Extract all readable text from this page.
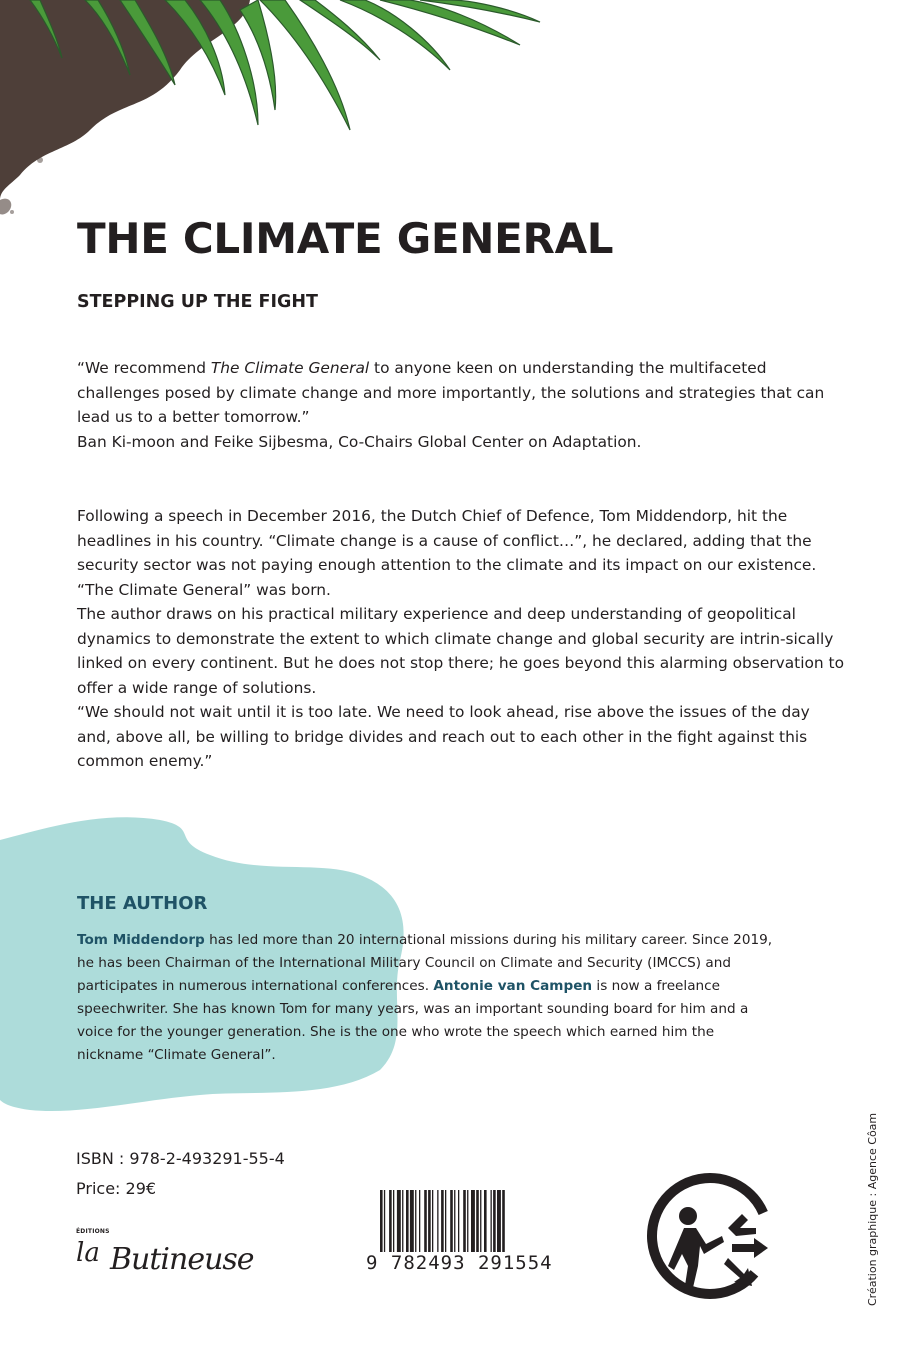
THE CLIMATE GENERAL
STEPPING UP THE FIGHT

“We recommend The Climate General to anyone keen on understanding the multifaceted challenges posed by climate change and more importantly, the solutions and strategies that can lead us to a better tomorrow.”

Ban Ki-moon and Feike Sijbesma, Co-Chairs Global Center on Adaptation.

Following a speech in December 2016, the Dutch Chief of Defence, Tom Middendorp, hit the headlines in his country. “Climate change is a cause of conflict…”, he declared, adding that the security sector was not paying enough attention to the climate and its impact on our existence. “The Climate General” was born.

The author draws on his practical military experience and deep understanding of geopolitical dynamics to demonstrate the extent to which climate change and global security are intrin-sically linked on every continent. But he does not stop there; he goes beyond this alarming observation to offer a wide range of solutions.

“We should not wait until it is too late. We need to look ahead, rise above the issues of the day and, above all, be willing to bridge divides and reach out to each other in the fight against this common enemy.”

THE AUTHOR

Tom Middendorp has led more than 20 international missions during his military career. Since 2019, he has been Chairman of the International Military Council on Climate and Security (IMCCS) and participates in numerous international conferences. Antonie van Campen is now a freelance speechwriter. She has known Tom for many years, was an important sounding board for him and a voice for the younger generation. She is the one who wrote the speech which earned him the nickname “Climate General”.

ISBN : 978-2-493291-55-4

Price: 29€

ÉDITIONS
la Butineuse	9 782493 291554	Création graphique : Agence Côam
